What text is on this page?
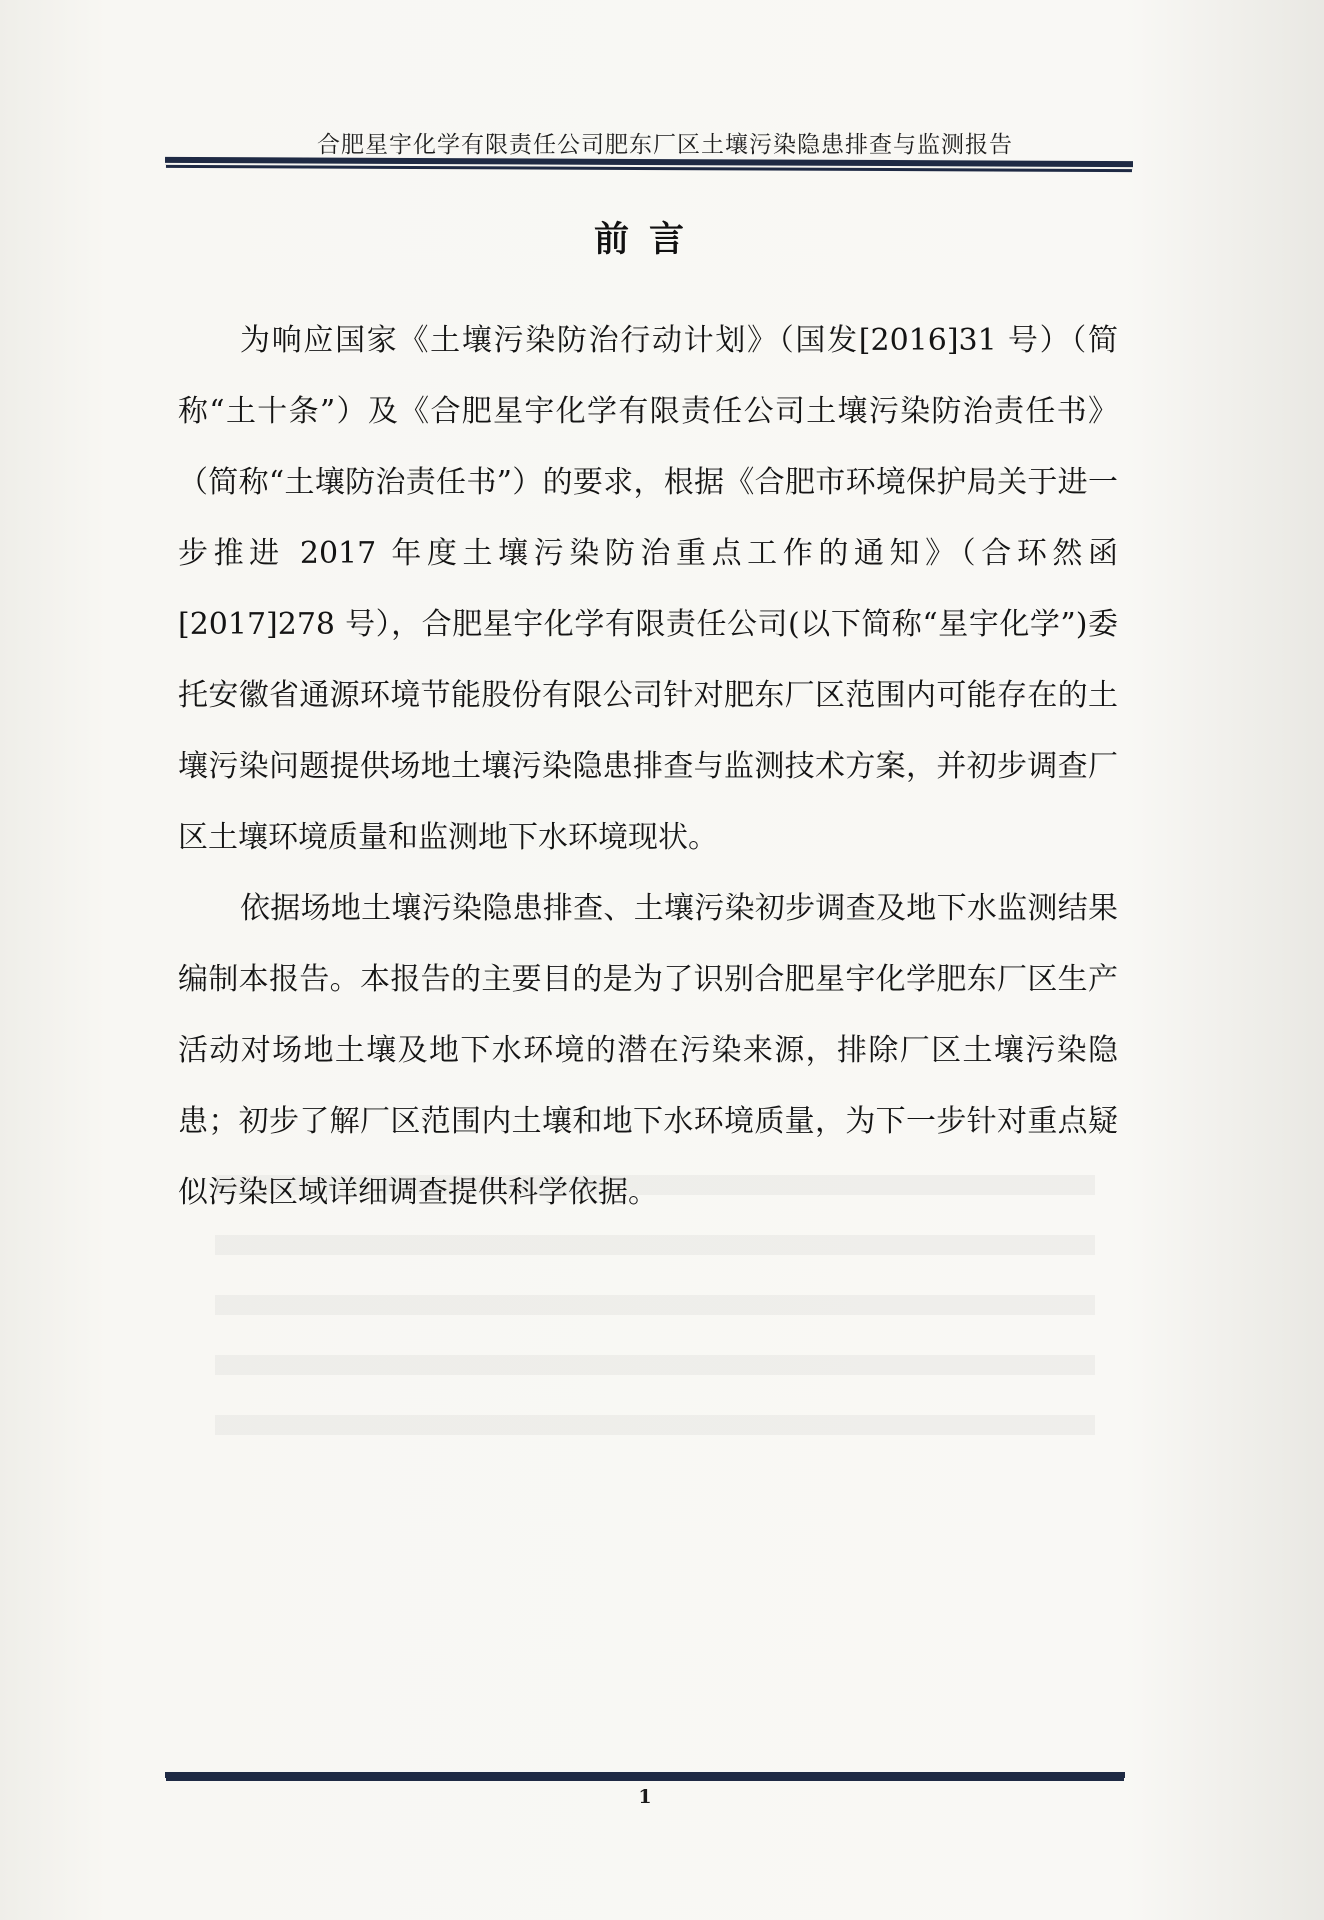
合肥星宇化学有限责任公司肥东厂区土壤污染隐患排查与监测报告
前言

为响应国家《土壤污染防治行动计划》（国发[2016]31 号）（简称“土十条”）及《合肥星宇化学有限责任公司土壤污染防治责任书》（简称“土壤防治责任书”）的要求，根据《合肥市环境保护局关于进一步推进 2017 年度土壤污染防治重点工作的通知》（合环然函[2017]278 号），合肥星宇化学有限责任公司(以下简称“星宇化学”)委托安徽省通源环境节能股份有限公司针对肥东厂区范围内可能存在的土壤污染问题提供场地土壤污染隐患排查与监测技术方案，并初步调查厂区土壤环境质量和监测地下水环境现状。

依据场地土壤污染隐患排查、土壤污染初步调查及地下水监测结果编制本报告。本报告的主要目的是为了识别合肥星宇化学肥东厂区生产活动对场地土壤及地下水环境的潜在污染来源，排除厂区土壤污染隐患；初步了解厂区范围内土壤和地下水环境质量，为下一步针对重点疑似污染区域详细调查提供科学依据。

1
